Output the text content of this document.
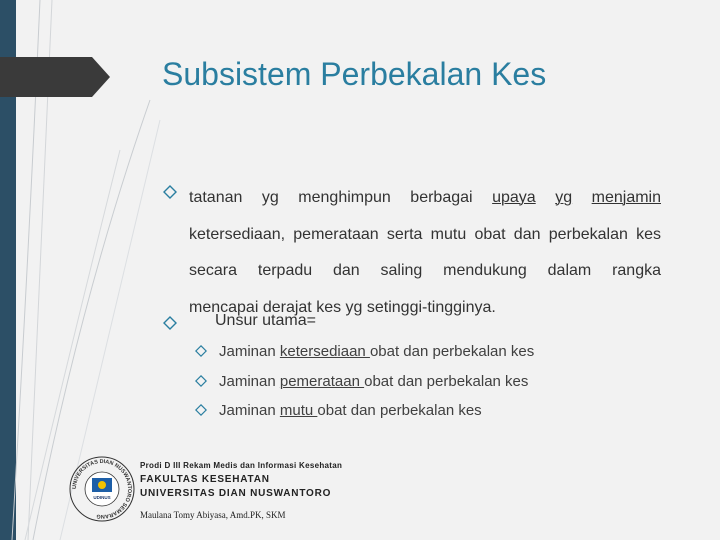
Subsistem Perbekalan Kes
tatanan yg menghimpun berbagai upaya yg menjamin ketersediaan, pemerataan serta mutu obat dan perbekalan kes secara terpadu dan saling mendukung dalam rangka
mencapai derajat kes yg setinggi-tingginya.
Unsur utama=
Jaminan ketersediaan obat dan perbekalan kes
Jaminan pemerataan obat dan perbekalan kes
Jaminan mutu obat dan perbekalan kes
UNIVERSITAS DIAN NUSWANTORO SEMARANG
UDINUS
Prodi D III Rekam Medis dan Informasi Kesehatan
FAKULTAS KESEHATAN
UNIVERSITAS DIAN NUSWANTORO
Maulana Tomy Abiyasa, Amd.PK, SKM
